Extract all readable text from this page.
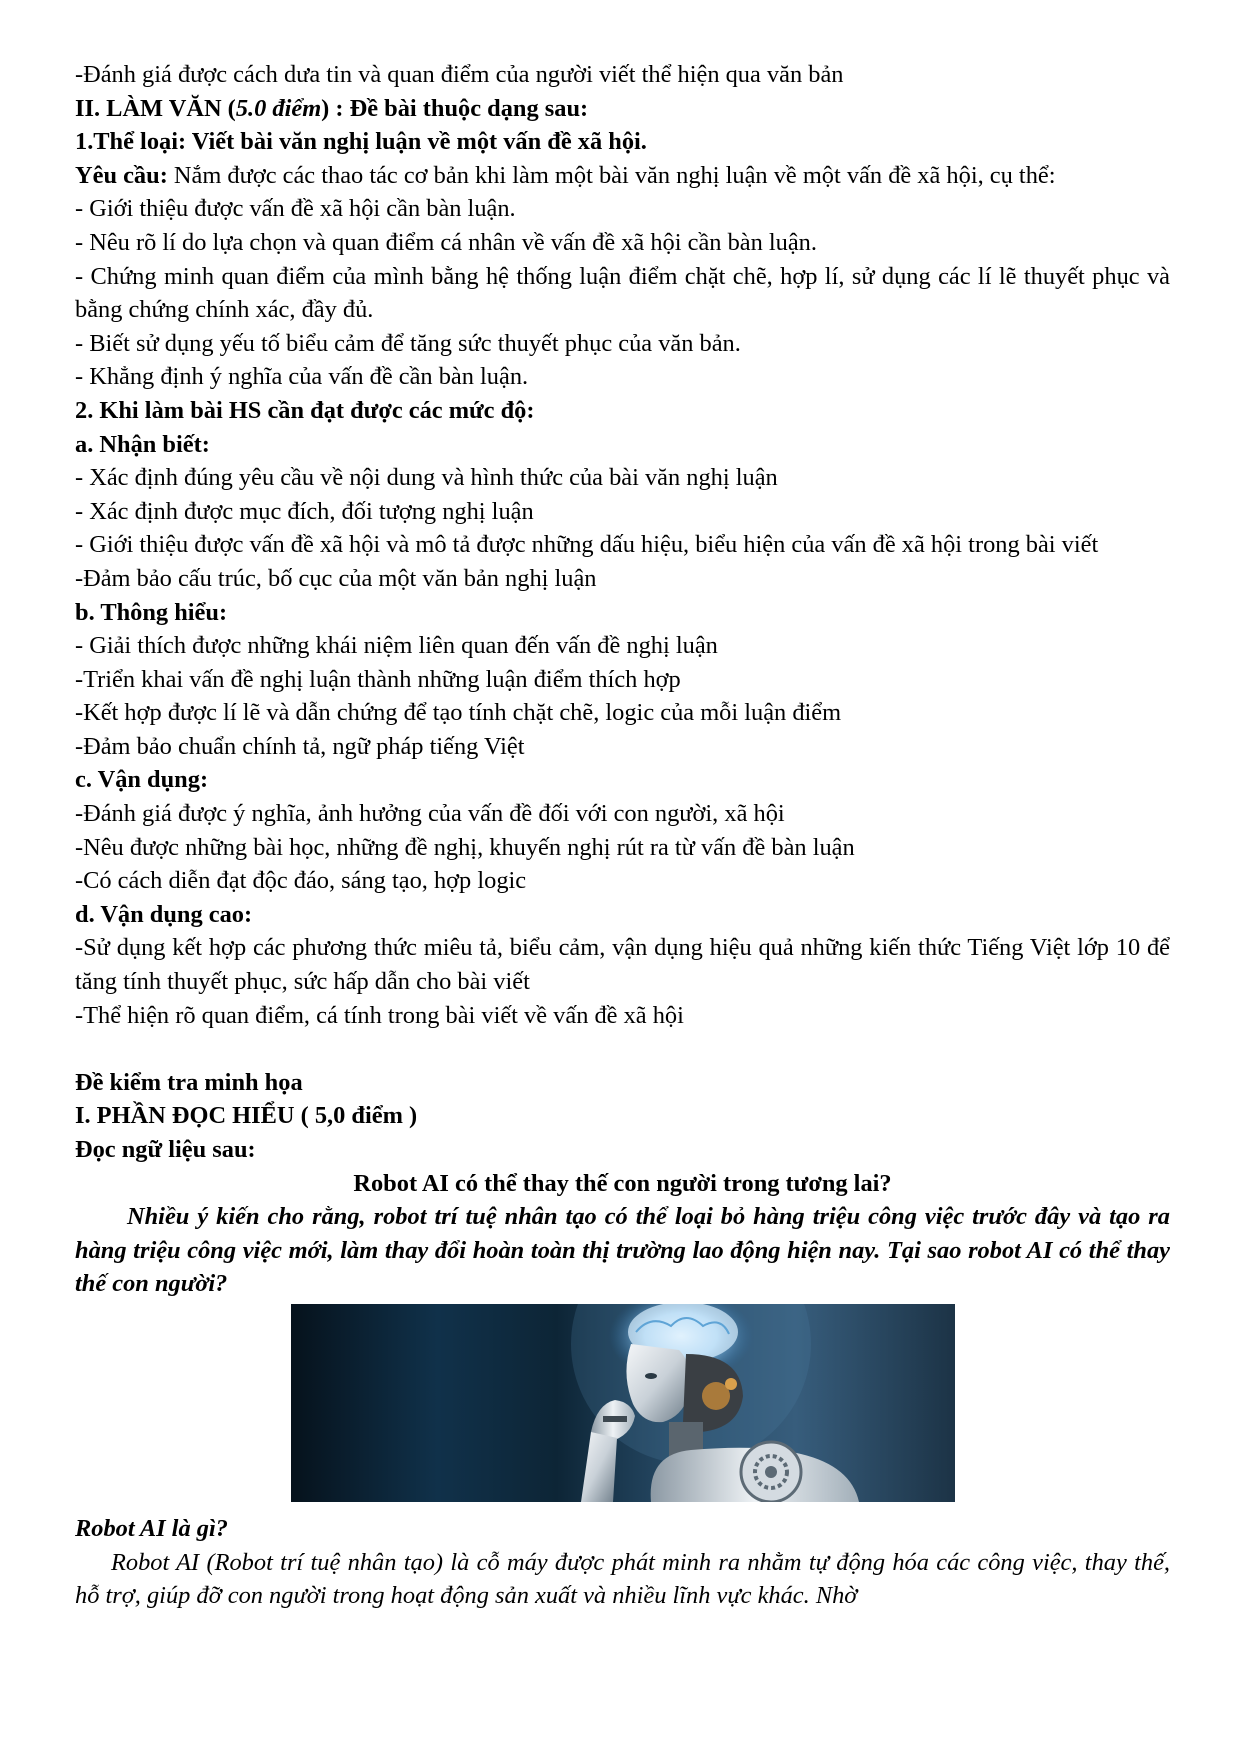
-Đánh giá được cách dưa tin và quan điểm của người viết thể hiện qua văn bản

II. LÀM VĂN (5.0 điểm) : Đề bài thuộc dạng sau:

1.Thể loại: Viết bài văn nghị luận về một vấn đề xã hội.

Yêu cầu: Nắm được các thao tác cơ bản khi làm một bài văn nghị luận về một vấn đề xã hội, cụ thể:

- Giới thiệu được vấn đề xã hội cần bàn luận.

- Nêu rõ lí do lựa chọn và quan điểm cá nhân về vấn đề xã hội cần bàn luận.

- Chứng minh quan điểm của mình bằng hệ thống luận điểm chặt chẽ, hợp lí, sử dụng các lí lẽ thuyết phục và bằng chứng chính xác, đầy đủ.

- Biết sử dụng yếu tố biểu cảm để tăng sức thuyết phục của văn bản.

- Khẳng định ý nghĩa của vấn đề cần bàn luận.

2. Khi làm bài HS cần đạt được các mức độ:

a. Nhận biết:

- Xác định đúng yêu cầu về nội dung và hình thức của bài văn nghị luận

- Xác định được mục đích, đối tượng nghị luận

- Giới thiệu được vấn đề xã hội và mô tả được những dấu hiệu, biểu hiện của vấn đề xã hội trong bài viết

-Đảm bảo cấu trúc, bố cục của một văn bản nghị luận

b. Thông hiểu:

- Giải thích được những khái niệm liên quan đến vấn đề nghị luận

-Triển khai vấn đề nghị luận thành những luận điểm thích hợp

-Kết hợp được lí lẽ và dẫn chứng để tạo tính chặt chẽ, logic của mỗi luận điểm

-Đảm bảo chuẩn chính tả, ngữ pháp tiếng Việt

c. Vận dụng:

-Đánh giá được ý nghĩa, ảnh hưởng của vấn đề đối với con người, xã hội

-Nêu được những bài học, những đề nghị, khuyến nghị rút ra từ vấn đề bàn luận

-Có cách diễn đạt độc đáo, sáng tạo, hợp logic

d. Vận dụng cao:

-Sử dụng kết hợp các phương thức miêu tả, biểu cảm, vận dụng hiệu quả những kiến thức Tiếng Việt lớp 10 để tăng tính thuyết phục, sức hấp dẫn cho bài viết

-Thể hiện rõ quan điểm, cá tính trong bài viết về vấn đề xã hội

Đề kiểm tra minh họa

I. PHẦN ĐỌC HIỂU ( 5,0 điểm )

Đọc ngữ liệu sau:

Robot AI có thể thay thế con người trong tương lai?

Nhiều ý kiến cho rằng, robot trí tuệ nhân tạo có thể loại bỏ hàng triệu công việc trước đây và tạo ra hàng triệu công việc mới, làm thay đổi hoàn toàn thị trường lao động hiện nay. Tại sao robot AI có thể thay thế con người?

Robot AI là gì?

Robot AI (Robot trí tuệ nhân tạo) là cỗ máy được phát minh ra nhằm tự động hóa các công việc, thay thế, hỗ trợ, giúp đỡ con người trong hoạt động sản xuất và nhiều lĩnh vực khác. Nhờ
